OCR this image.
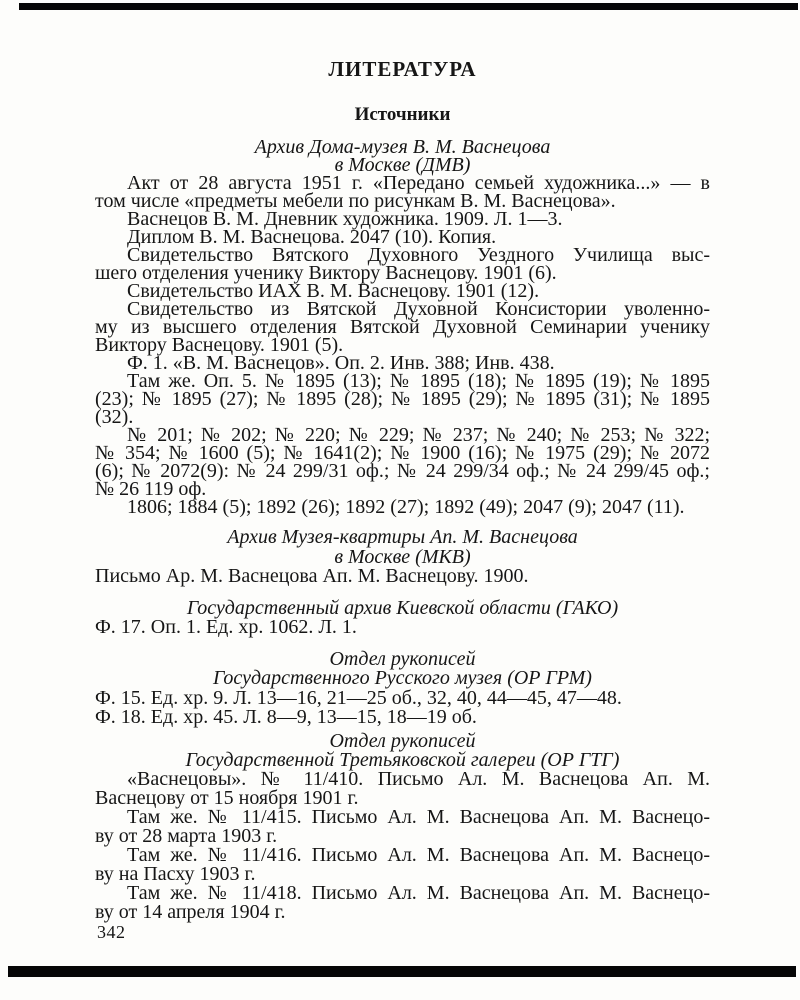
ЛИТЕРАТУРА
Источники
Архив Дома-музея В. М. Васнецова
в Москве (ДМВ)
Акт от 28 августа 1951 г. «Передано семьей художника...» — в
том числе «предметы мебели по рисункам В. М. Васнецова».
Васнецов В. М. Дневник художника. 1909. Л. 1—3.
Диплом В. М. Васнецова. 2047 (10). Копия.
Свидетельство Вятского Духовного Уездного Училища выс-
шего отделения ученику Виктору Васнецову. 1901 (6).
Свидетельство ИАХ В. М. Васнецову. 1901 (12).
Свидетельство из Вятской Духовной Консистории уволенно-
му из высшего отделения Вятской Духовной Семинарии ученику
Виктору Васнецову. 1901 (5).
Ф. 1. «В. М. Васнецов». Оп. 2. Инв. 388; Инв. 438.
Там же. Оп. 5. № 1895 (13); № 1895 (18); № 1895 (19); № 1895
(23); № 1895 (27); № 1895 (28); № 1895 (29); № 1895 (31); № 1895
(32).
№ 201; № 202; № 220; № 229; № 237; № 240; № 253; № 322;
№ 354; № 1600 (5); № 1641(2); № 1900 (16); № 1975 (29); № 2072
(6); № 2072(9): № 24 299/31 оф.; № 24 299/34 оф.; № 24 299/45 оф.;
№ 26 119 оф.
1806; 1884 (5); 1892 (26); 1892 (27); 1892 (49); 2047 (9); 2047 (11).
Архив Музея-квартиры Ап. М. Васнецова
в Москве (МКВ)
Письмо Ар. М. Васнецова Ап. М. Васнецову. 1900.
Государственный архив Киевской области (ГАКО)
Ф. 17. Оп. 1. Ед. хр. 1062. Л. 1.
Отдел рукописей
Государственного Русского музея (ОР ГРМ)
Ф. 15. Ед. хр. 9. Л. 13—16, 21—25 об., 32, 40, 44—45, 47—48.
Ф. 18. Ед. хр. 45. Л. 8—9, 13—15, 18—19 об.
Отдел рукописей
Государственной Третьяковской галереи (ОР ГТГ)
«Васнецовы». № 11/410. Письмо Ал. М. Васнецова Ап. М.
Васнецову от 15 ноября 1901 г.
Там же. № 11/415. Письмо Ал. М. Васнецова Ап. М. Васнецо-
ву от 28 марта 1903 г.
Там же. № 11/416. Письмо Ал. М. Васнецова Ап. М. Васнецо-
ву на Пасху 1903 г.
Там же. № 11/418. Письмо Ал. М. Васнецова Ап. М. Васнецо-
ву от 14 апреля 1904 г.
342
